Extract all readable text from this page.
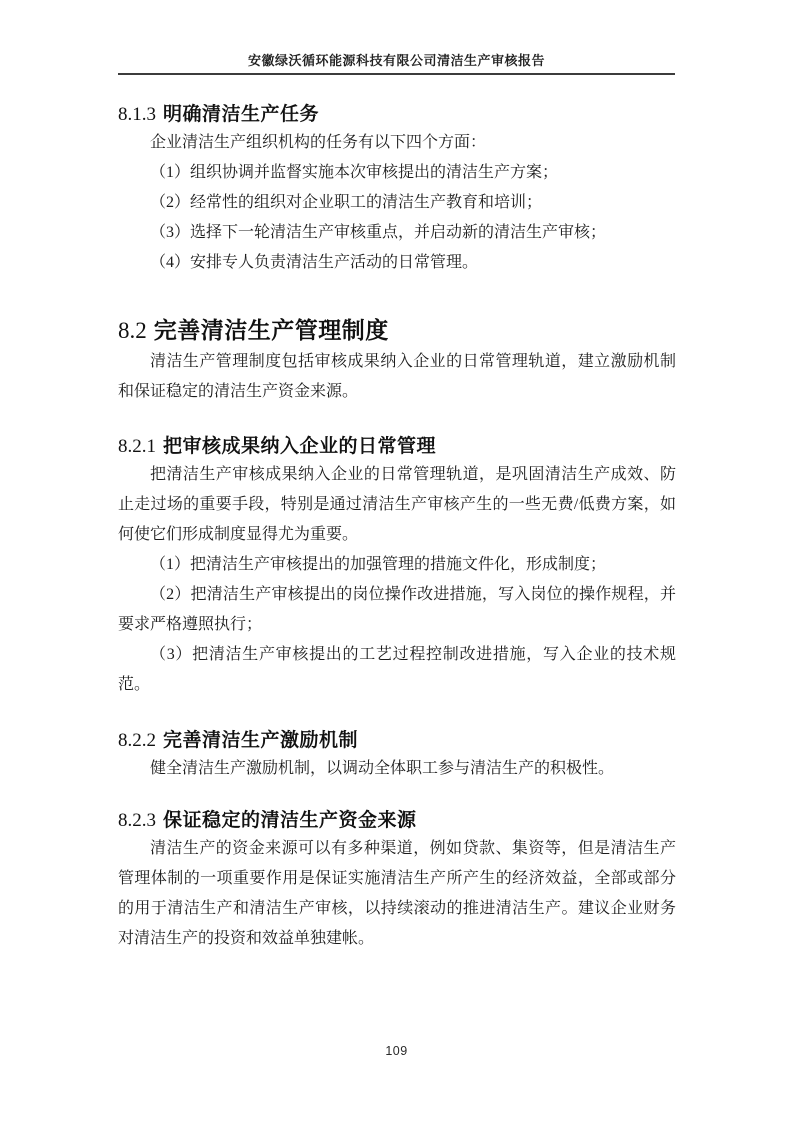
安徽绿沃循环能源科技有限公司清洁生产审核报告
8.1.3 明确清洁生产任务

企业清洁生产组织机构的任务有以下四个方面：

（1）组织协调并监督实施本次审核提出的清洁生产方案；
（2）经常性的组织对企业职工的清洁生产教育和培训；
（3）选择下一轮清洁生产审核重点，并启动新的清洁生产审核；
（4）安排专人负责清洁生产活动的日常管理。
8.2 完善清洁生产管理制度

清洁生产管理制度包括审核成果纳入企业的日常管理轨道，建立激励机制和保证稳定的清洁生产资金来源。

8.2.1 把审核成果纳入企业的日常管理

把清洁生产审核成果纳入企业的日常管理轨道，是巩固清洁生产成效、防止走过场的重要手段，特别是通过清洁生产审核产生的一些无费/低费方案，如何使它们形成制度显得尤为重要。

（1）把清洁生产审核提出的加强管理的措施文件化，形成制度；
（2）把清洁生产审核提出的岗位操作改进措施，写入岗位的操作规程，并要求严格遵照执行；
（3）把清洁生产审核提出的工艺过程控制改进措施，写入企业的技术规范。
8.2.2 完善清洁生产激励机制

健全清洁生产激励机制，以调动全体职工参与清洁生产的积极性。

8.2.3 保证稳定的清洁生产资金来源

清洁生产的资金来源可以有多种渠道，例如贷款、集资等，但是清洁生产管理体制的一项重要作用是保证实施清洁生产所产生的经济效益，全部或部分的用于清洁生产和清洁生产审核，以持续滚动的推进清洁生产。建议企业财务对清洁生产的投资和效益单独建帐。

109
